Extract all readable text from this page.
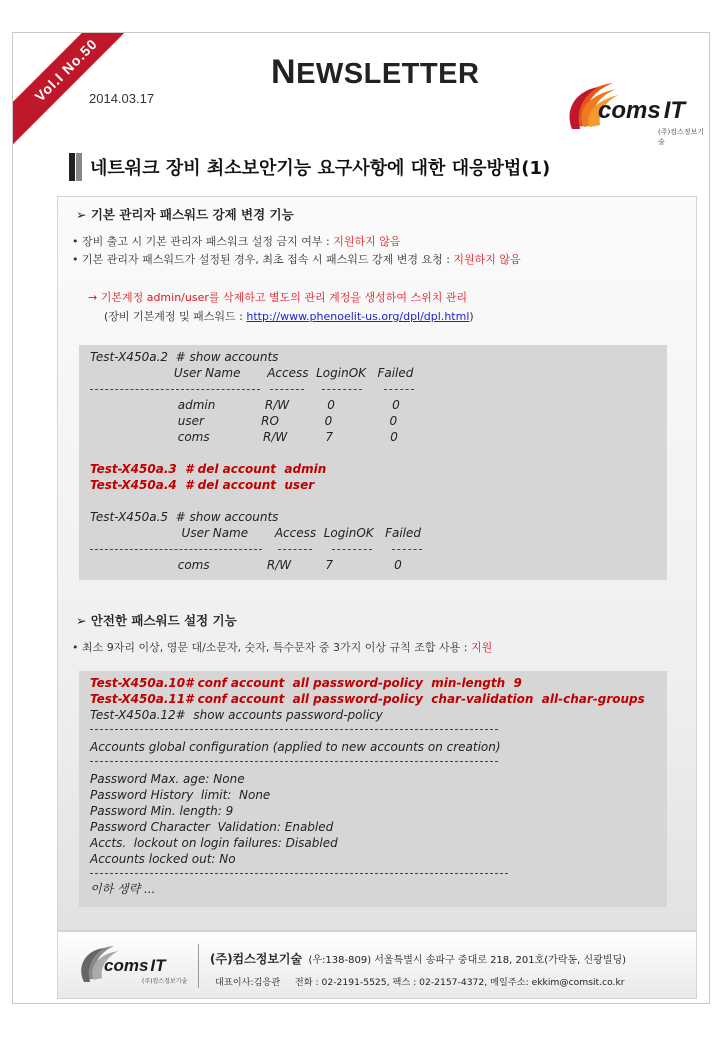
Vol.I No.50	NEWSLETTER
2014.03.17	coms IT
(주)컴스정보기술
네트워크 장비 최소보안기능 요구사항에 대한 대응방법(1)
➢ 기본 관리자 패스워드 강제 변경 기능
• 장비 출고 시 기본 관리자 패스워크 설정 금지 여부 : 지원하지 않음
• 기본 관리자 패스워드가 설정된 경우, 최초 접속 시 패스워드 강제 변경 요청 : 지원하지 않음
→ 기본계정 admin/user를 삭제하고 별도의 관리 계정을 생성하여 스위치 관리
(장비 기본계정 및 패스워드 : http://www.phenoelit-us.org/dpl/dpl.html)
Test-X450a.2  # show accounts
User Name       Access  LoginOK   Failed
admin             R/W          0               0
user               RO            0               0
coms              R/W          7               0
Test-X450a.3  # del account  admin
Test-X450a.4  # del account  user
Test-X450a.5  # show accounts
User Name       Access  LoginOK   Failed
coms               R/W         7                0
➢ 안전한 패스워드 설정 기능
• 최소 9자리 이상, 영문 대/소문자, 숫자, 특수문자 중 3가지 이상 규칙 조합 사용 : 지원
Test-X450a.10# conf account  all password-policy  min-length  9
Test-X450a.11# conf account  all password-policy  char-validation  all-char-groups
Test-X450a.12#  show accounts password-policy
Accounts global configuration (applied to new accounts on creation)
Password Max. age: None
Password History  limit:  None
Password Min. length: 9
Password Character  Validation: Enabled
Accts.  lockout on login failures: Disabled
Accounts locked out: No
이하 생략 ...
coms IT
(주)컴스정보기술
(주)컴스정보기술 (우:138-809) 서울특별시 송파구 중대로 218, 201호(가락동, 신광빌딩)
대표이사:김응관 전화 : 02-2191-5525, 팩스 : 02-2157-4372, 메일주소: ekkim@comsit.co.kr
